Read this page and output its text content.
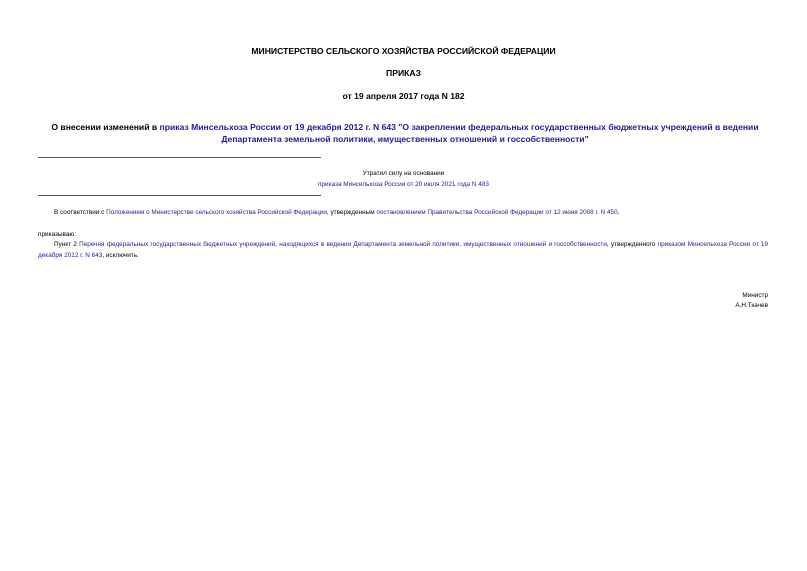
МИНИСТЕРСТВО СЕЛЬСКОГО ХОЗЯЙСТВА РОССИЙСКОЙ ФЕДЕРАЦИИ
ПРИКАЗ
от 19 апреля 2017 года N 182
О внесении изменений в приказ Минсельхоза России от 19 декабря 2012 г. N 643 "О закреплении федеральных государственных бюджетных учреждений в ведении Департамента земельной политики, имущественных отношений и госсобственности"
Утратил силу на основании
приказа Минсельхоза России от 20 июля 2021 года N 483
В соответствии с Положением о Министерстве сельского хозяйства Российской Федерации, утвержденным постановлением Правительства Российской Федерации от 12 июня 2008 г. N 450,
приказываю:
Пункт 2 Перечня федеральных государственных бюджетных учреждений, находящихся в ведении Департамента земельной политики, имущественных отношений и госсобственности, утвержденного приказом Минсельхоза России от 19 декабря 2012 г. N 643, исключить.
Министр
А.Н.Ткачев
